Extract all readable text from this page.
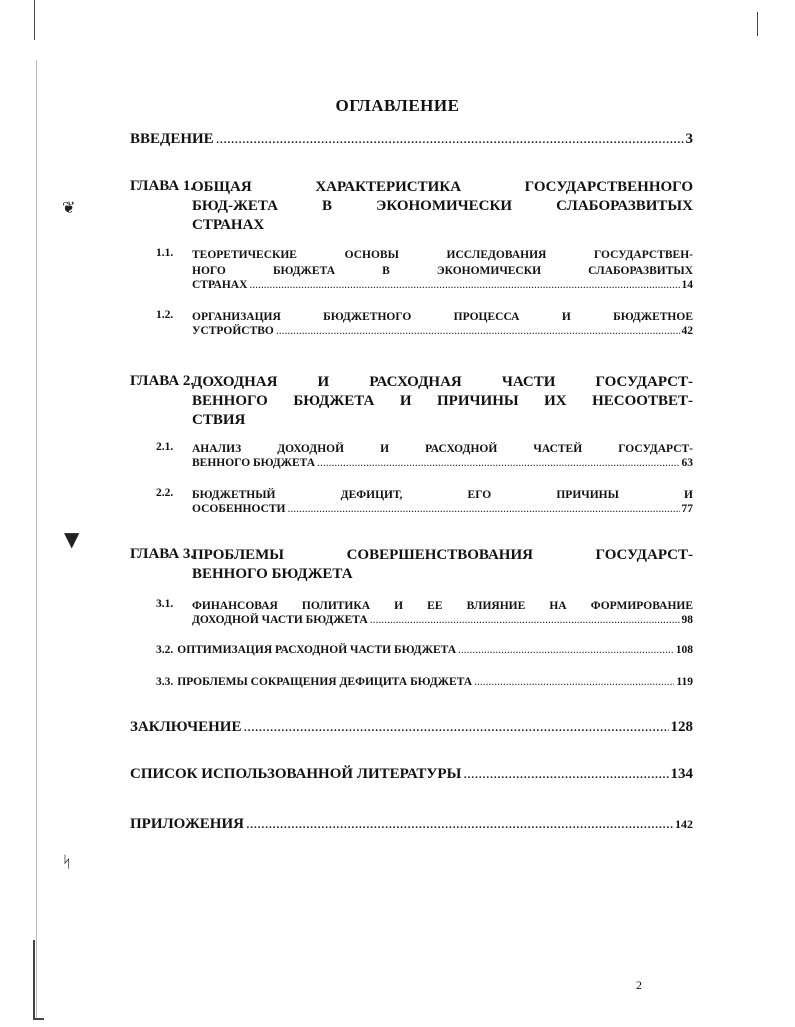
❦
▼
ᛋ
ОГЛАВЛЕНИЕ
ВВЕДЕНИЕ .....	3
ГЛАВА 1.
ОБЩАЯ ХАРАКТЕРИСТИКА ГОСУДАРСТВЕННОГО
БЮД-ЖЕТА В ЭКОНОМИЧЕСКИ СЛАБОРАЗВИТЫХ
СТРАНАХ
1.1.	ТЕОРЕТИЧЕСКИЕ ОСНОВЫ ИССЛЕДОВАНИЯ ГОСУДАРСТВЕН-
НОГО БЮДЖЕТА В ЭКОНОМИЧЕСКИ СЛАБОРАЗВИТЫХ
СТРАНАХ .....	14
1.2.	ОРГАНИЗАЦИЯ БЮДЖЕТНОГО ПРОЦЕССА И БЮДЖЕТНОЕ
УСТРОЙСТВО .....	42
ГЛАВА 2.
ДОХОДНАЯ И РАСХОДНАЯ ЧАСТИ ГОСУДАРСТ-
ВЕННОГО БЮДЖЕТА И ПРИЧИНЫ ИХ НЕСООТВЕТ-
СТВИЯ
2.1.	АНАЛИЗ ДОХОДНОЙ И РАСХОДНОЙ ЧАСТЕЙ ГОСУДАРСТ-
ВЕННОГО БЮДЖЕТА .....	63
2.2.	БЮДЖЕТНЫЙ ДЕФИЦИТ, ЕГО ПРИЧИНЫ И
ОСОБЕННОСТИ .....	77
ГЛАВА 3.
ПРОБЛЕМЫ СОВЕРШЕНСТВОВАНИЯ ГОСУДАРСТ-
ВЕННОГО БЮДЖЕТА
3.1.	ФИНАНСОВАЯ ПОЛИТИКА И ЕЕ ВЛИЯНИЕ НА ФОРМИРОВАНИЕ
ДОХОДНОЙ ЧАСТИ БЮДЖЕТА .....	98
3.2. ОПТИМИЗАЦИЯ РАСХОДНОЙ ЧАСТИ БЮДЖЕТА .....	108
3.3. ПРОБЛЕМЫ СОКРАЩЕНИЯ ДЕФИЦИТА БЮДЖЕТА .....	119
ЗАКЛЮЧЕНИЕ .....	128
СПИСОК ИСПОЛЬЗОВАННОЙ ЛИТЕРАТУРЫ .....	134
ПРИЛОЖЕНИЯ .....	142
2
